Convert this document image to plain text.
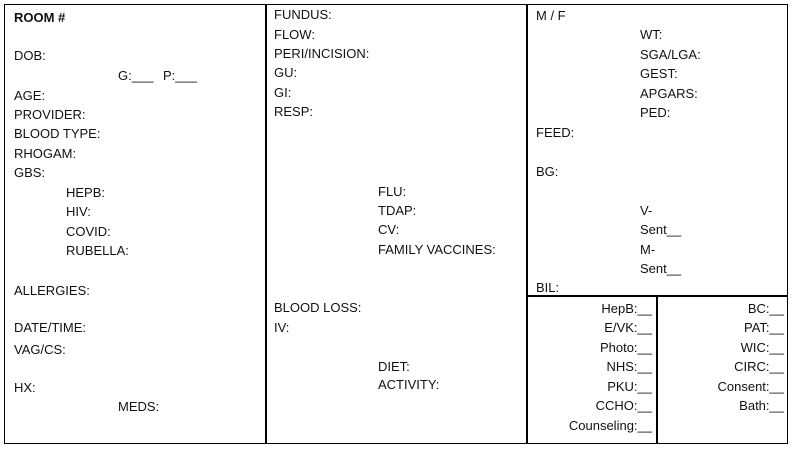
ROOM #
DOB:
G:___ P:___
AGE:
PROVIDER:
BLOOD TYPE:
RHOGAM:
GBS:
HEPB:
HIV:
COVID:
RUBELLA:
ALLERGIES:
DATE/TIME:
VAG/CS:
HX:
MEDS:
FUNDUS:
FLOW:
PERI/INCISION:
GU:
GI:
RESP:
FLU:
TDAP:
CV:
FAMILY VACCINES:
BLOOD LOSS:
IV:
DIET:
ACTIVITY:
M / F
WT:
SGA/LGA:
GEST:
APGARS:
PED:
FEED:
BG:
V-
Sent__
M-
Sent__
BIL:
HepB:__
E/VK:__
Photo:__
NHS:__
PKU:__
CCHO:__
Counseling:__
BC:__
PAT:__
WIC:__
CIRC:__
Consent:__
Bath:__
